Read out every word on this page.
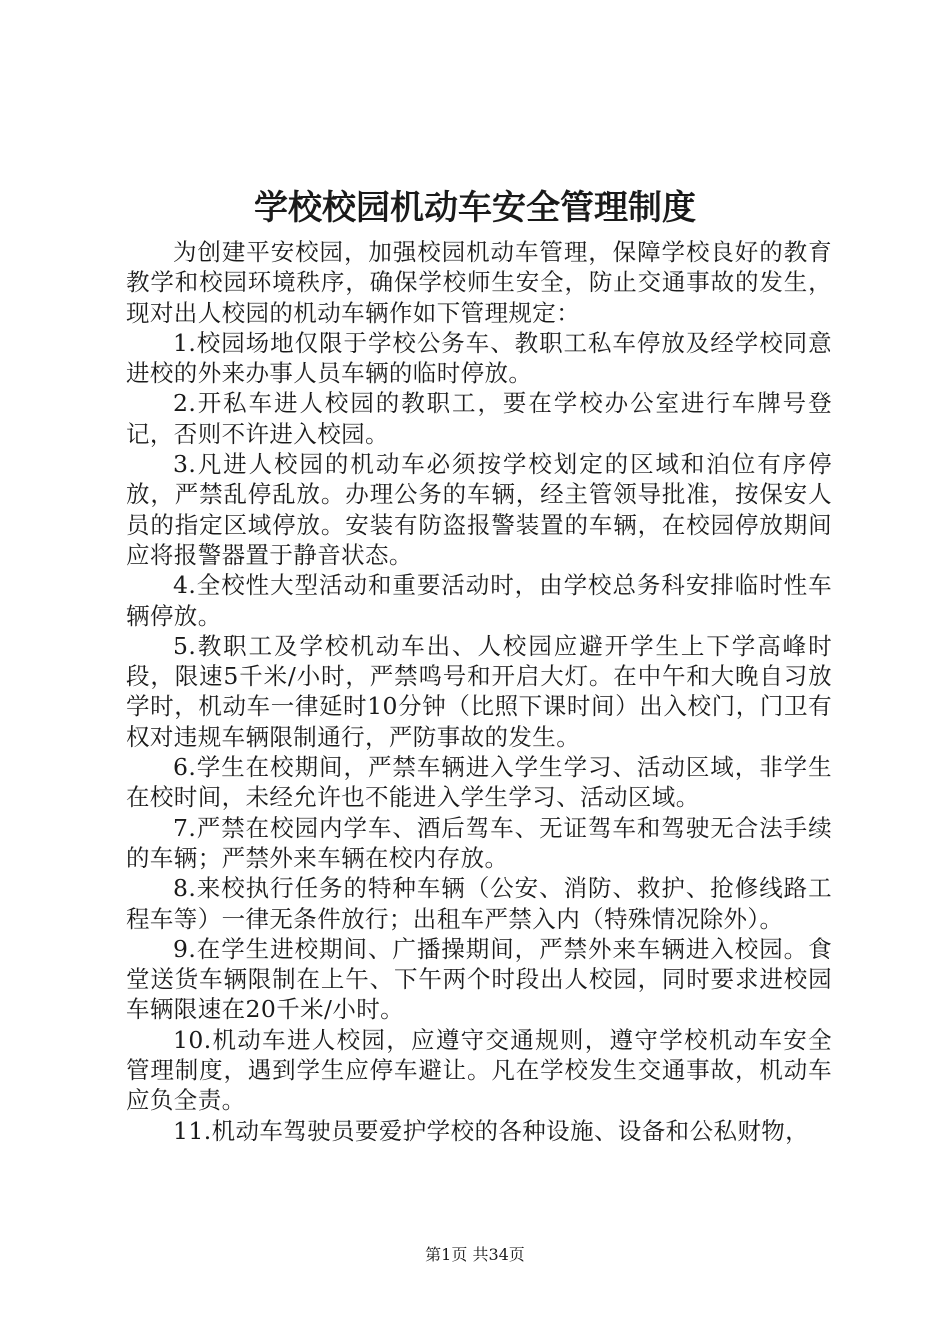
学校校园机动车安全管理制度

为创建平安校园，加强校园机动车管理，保障学校良好的教育教学和校园环境秩序，确保学校师生安全，防止交通事故的发生，现对出人校园的机动车辆作如下管理规定：

1.校园场地仅限于学校公务车、教职工私车停放及经学校同意进校的外来办事人员车辆的临时停放。

2.开私车进人校园的教职工，要在学校办公室进行车牌号登记，否则不许进入校园。

3.凡进人校园的机动车必须按学校划定的区域和泊位有序停放，严禁乱停乱放。办理公务的车辆，经主管领导批准，按保安人员的指定区域停放。安装有防盗报警装置的车辆，在校园停放期间应将报警器置于静音状态。

4.全校性大型活动和重要活动时，由学校总务科安排临时性车辆停放。

5.教职工及学校机动车出、人校园应避开学生上下学高峰时段，限速5千米/小时，严禁鸣号和开启大灯。在中午和大晚自习放学时，机动车一律延时10分钟（比照下课时间）出入校门，门卫有权对违规车辆限制通行，严防事故的发生。

6.学生在校期间，严禁车辆进入学生学习、活动区域，非学生在校时间，未经允许也不能进入学生学习、活动区域。

7.严禁在校园内学车、酒后驾车、无证驾车和驾驶无合法手续的车辆；严禁外来车辆在校内存放。

8.来校执行任务的特种车辆（公安、消防、救护、抢修线路工程车等）一律无条件放行；出租车严禁入内（特殊情况除外）。

9.在学生进校期间、广播操期间，严禁外来车辆进入校园。食堂送货车辆限制在上午、下午两个时段出人校园，同时要求进校园车辆限速在20千米/小时。

10.机动车进人校园，应遵守交通规则，遵守学校机动车安全管理制度，遇到学生应停车避让。凡在学校发生交通事故，机动车应负全责。

11.机动车驾驶员要爱护学校的各种设施、设备和公私财物，

第1页 共34页
